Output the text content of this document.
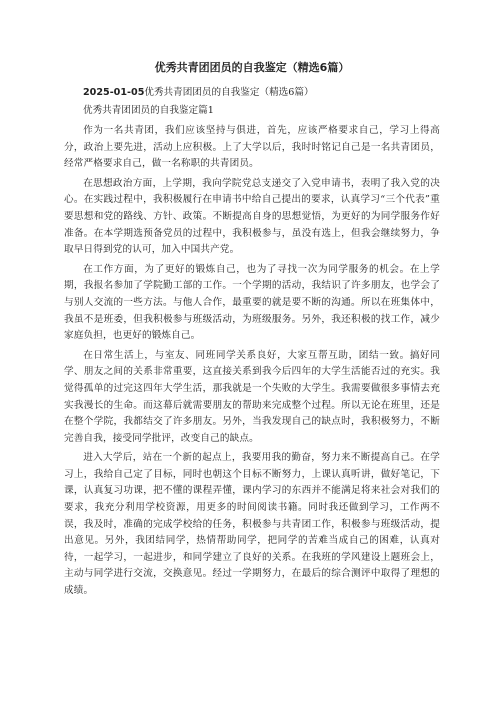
优秀共青团团员的自我鉴定（精选6篇）

2025-01-05优秀共青团团员的自我鉴定（精选6篇）

优秀共青团团员的自我鉴定篇1

作为一名共青团，我们应该坚持与俱进，首先，应该严格要求自己，学习上得高分，政治上要先进，活动上应积极。上了大学以后，我时时铭记自己是一名共青团员，经常严格要求自己，做一名称职的共青团员。

在思想政治方面，上学期，我向学院党总支递交了入党申请书，表明了我入党的决心。在实践过程中，我积极履行在申请书中给自己提出的要求，认真学习“三个代表”重要思想和党的路线、方针、政策。不断提高自身的思想觉悟，为更好的为同学服务作好准备。在本学期选预备党员的过程中，我积极参与，虽没有选上，但我会继续努力，争取早日得到党的认可，加入中国共产党。

在工作方面，为了更好的锻炼自己，也为了寻找一次为同学服务的机会。在上学期，我报名参加了学院勤工部的工作。一个学期的活动，我结识了许多朋友，也学会了与别人交流的一些方法。与他人合作，最重要的就是要不断的沟通。所以在班集体中，我虽不是班委，但我积极参与班级活动，为班级服务。另外，我还积极的找工作，减少家庭负担，也更好的锻炼自己。

在日常生活上，与室友、同班同学关系良好，大家互帮互助，团结一致。搞好同学、朋友之间的关系非常重要，这直接关系到我今后四年的大学生活能否过的充实。我觉得孤单的过完这四年大学生活，那我就是一个失败的大学生。我需要做很多事情去充实我漫长的生命。而这幕后就需要朋友的帮助来完成整个过程。所以无论在班里，还是在整个学院，我都结交了许多朋友。另外，当我发现自己的缺点时，我积极努力，不断完善自我，接受同学批评，改变自己的缺点。

进入大学后，站在一个新的起点上，我要用我的勤奋，努力来不断提高自己。在学习上，我给自己定了目标，同时也朝这个目标不断努力，上课认真听讲，做好笔记，下课，认真复习功课，把不懂的课程弄懂，课内学习的东西并不能满足将来社会对我们的要求，我充分利用学校资源，用更多的时间阅读书籍。同时我还做到学习，工作两不误，我及时，准确的完成学校给的任务，积极参与共青团工作，积极参与班级活动，提出意见。另外，我团结同学，热情帮助同学，把同学的苦难当成自己的困难，认真对待，一起学习，一起进步，和同学建立了良好的关系。在我班的学风建设上题班会上，主动与同学进行交流，交换意见。经过一学期努力，在最后的综合测评中取得了理想的成绩。
